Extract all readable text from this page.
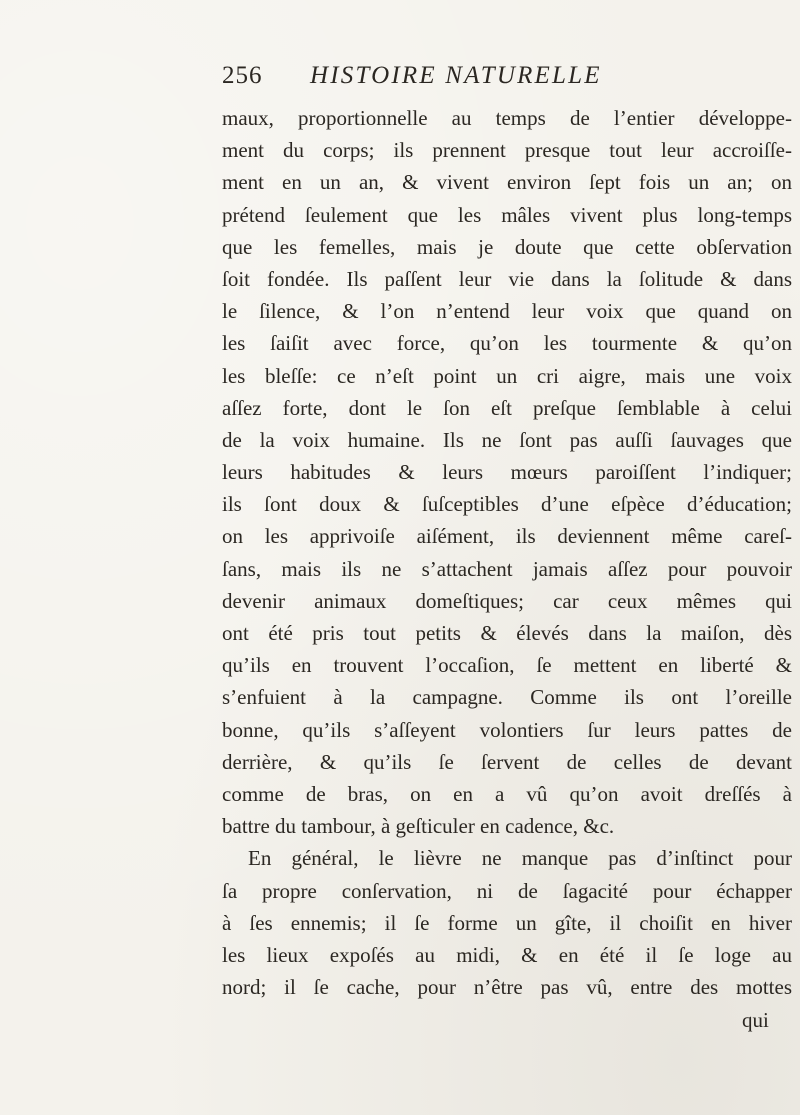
256 HISTOIRE NATURELLE
maux, proportionnelle au temps de l’entier développe-
ment du corps; ils prennent presque tout leur accroiſſe-
ment en un an, & vivent environ ſept fois un an; on
prétend ſeulement que les mâles vivent plus long-temps
que les femelles, mais je doute que cette obſervation
ſoit fondée. Ils paſſent leur vie dans la ſolitude & dans
le ſilence, & l’on n’entend leur voix que quand on
les ſaiſit avec force, qu’on les tourmente & qu’on
les bleſſe: ce n’eſt point un cri aigre, mais une voix
aſſez forte, dont le ſon eſt preſque ſemblable à celui
de la voix humaine. Ils ne ſont pas auſſi ſauvages que
leurs habitudes & leurs mœurs paroiſſent l’indiquer;
ils ſont doux & ſuſceptibles d’une eſpèce d’éducation;
on les apprivoiſe aiſément, ils deviennent même careſ-
ſans, mais ils ne s’attachent jamais aſſez pour pouvoir
devenir animaux domeſtiques; car ceux mêmes qui
ont été pris tout petits & élevés dans la maiſon, dès
qu’ils en trouvent l’occaſion, ſe mettent en liberté &
s’enfuient à la campagne. Comme ils ont l’oreille
bonne, qu’ils s’aſſeyent volontiers ſur leurs pattes de
derrière, & qu’ils ſe ſervent de celles de devant
comme de bras, on en a vû qu’on avoit dreſſés à
battre du tambour, à geſticuler en cadence, &c.
En général, le lièvre ne manque pas d’inſtinct pour
ſa propre conſervation, ni de ſagacité pour échapper
à ſes ennemis; il ſe forme un gîte, il choiſit en hiver
les lieux expoſés au midi, & en été il ſe loge au
nord; il ſe cache, pour n’être pas vû, entre des mottes
qui
